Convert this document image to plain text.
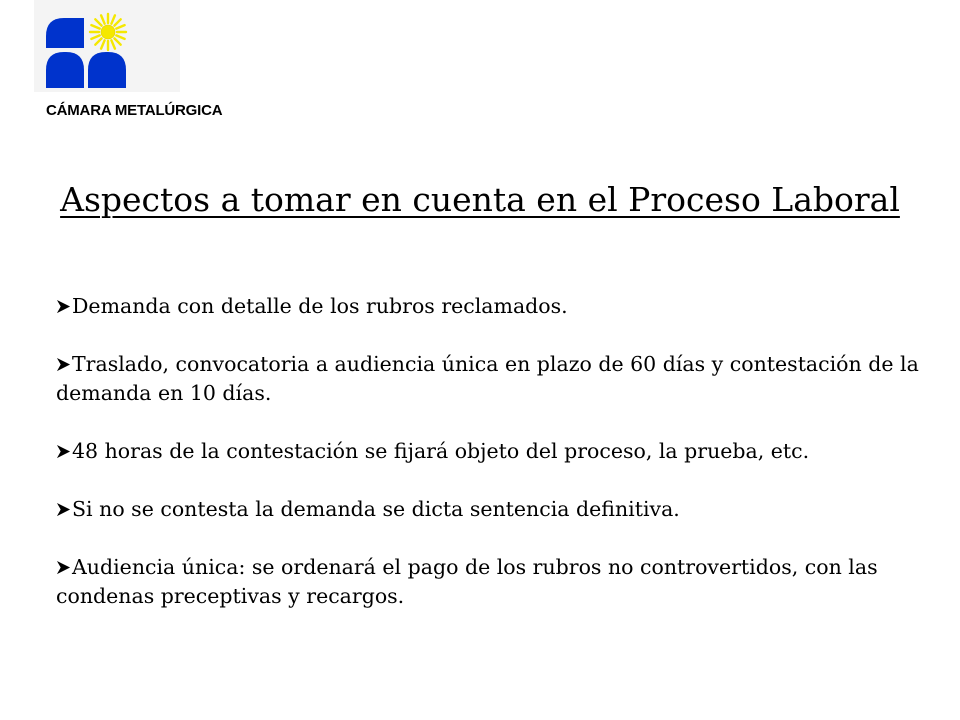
CÁMARA METALÚRGICA
Aspectos a tomar en cuenta en el Proceso Laboral
Demanda con detalle de los rubros reclamados.
Traslado, convocatoria a audiencia única en plazo de 60 días y contestación de la demanda en 10 días.
48 horas de la contestación se fijará objeto del proceso, la prueba, etc.
Si no se contesta la demanda se dicta sentencia definitiva.
Audiencia única: se ordenará el pago de los rubros no controvertidos, con las condenas preceptivas y recargos.
